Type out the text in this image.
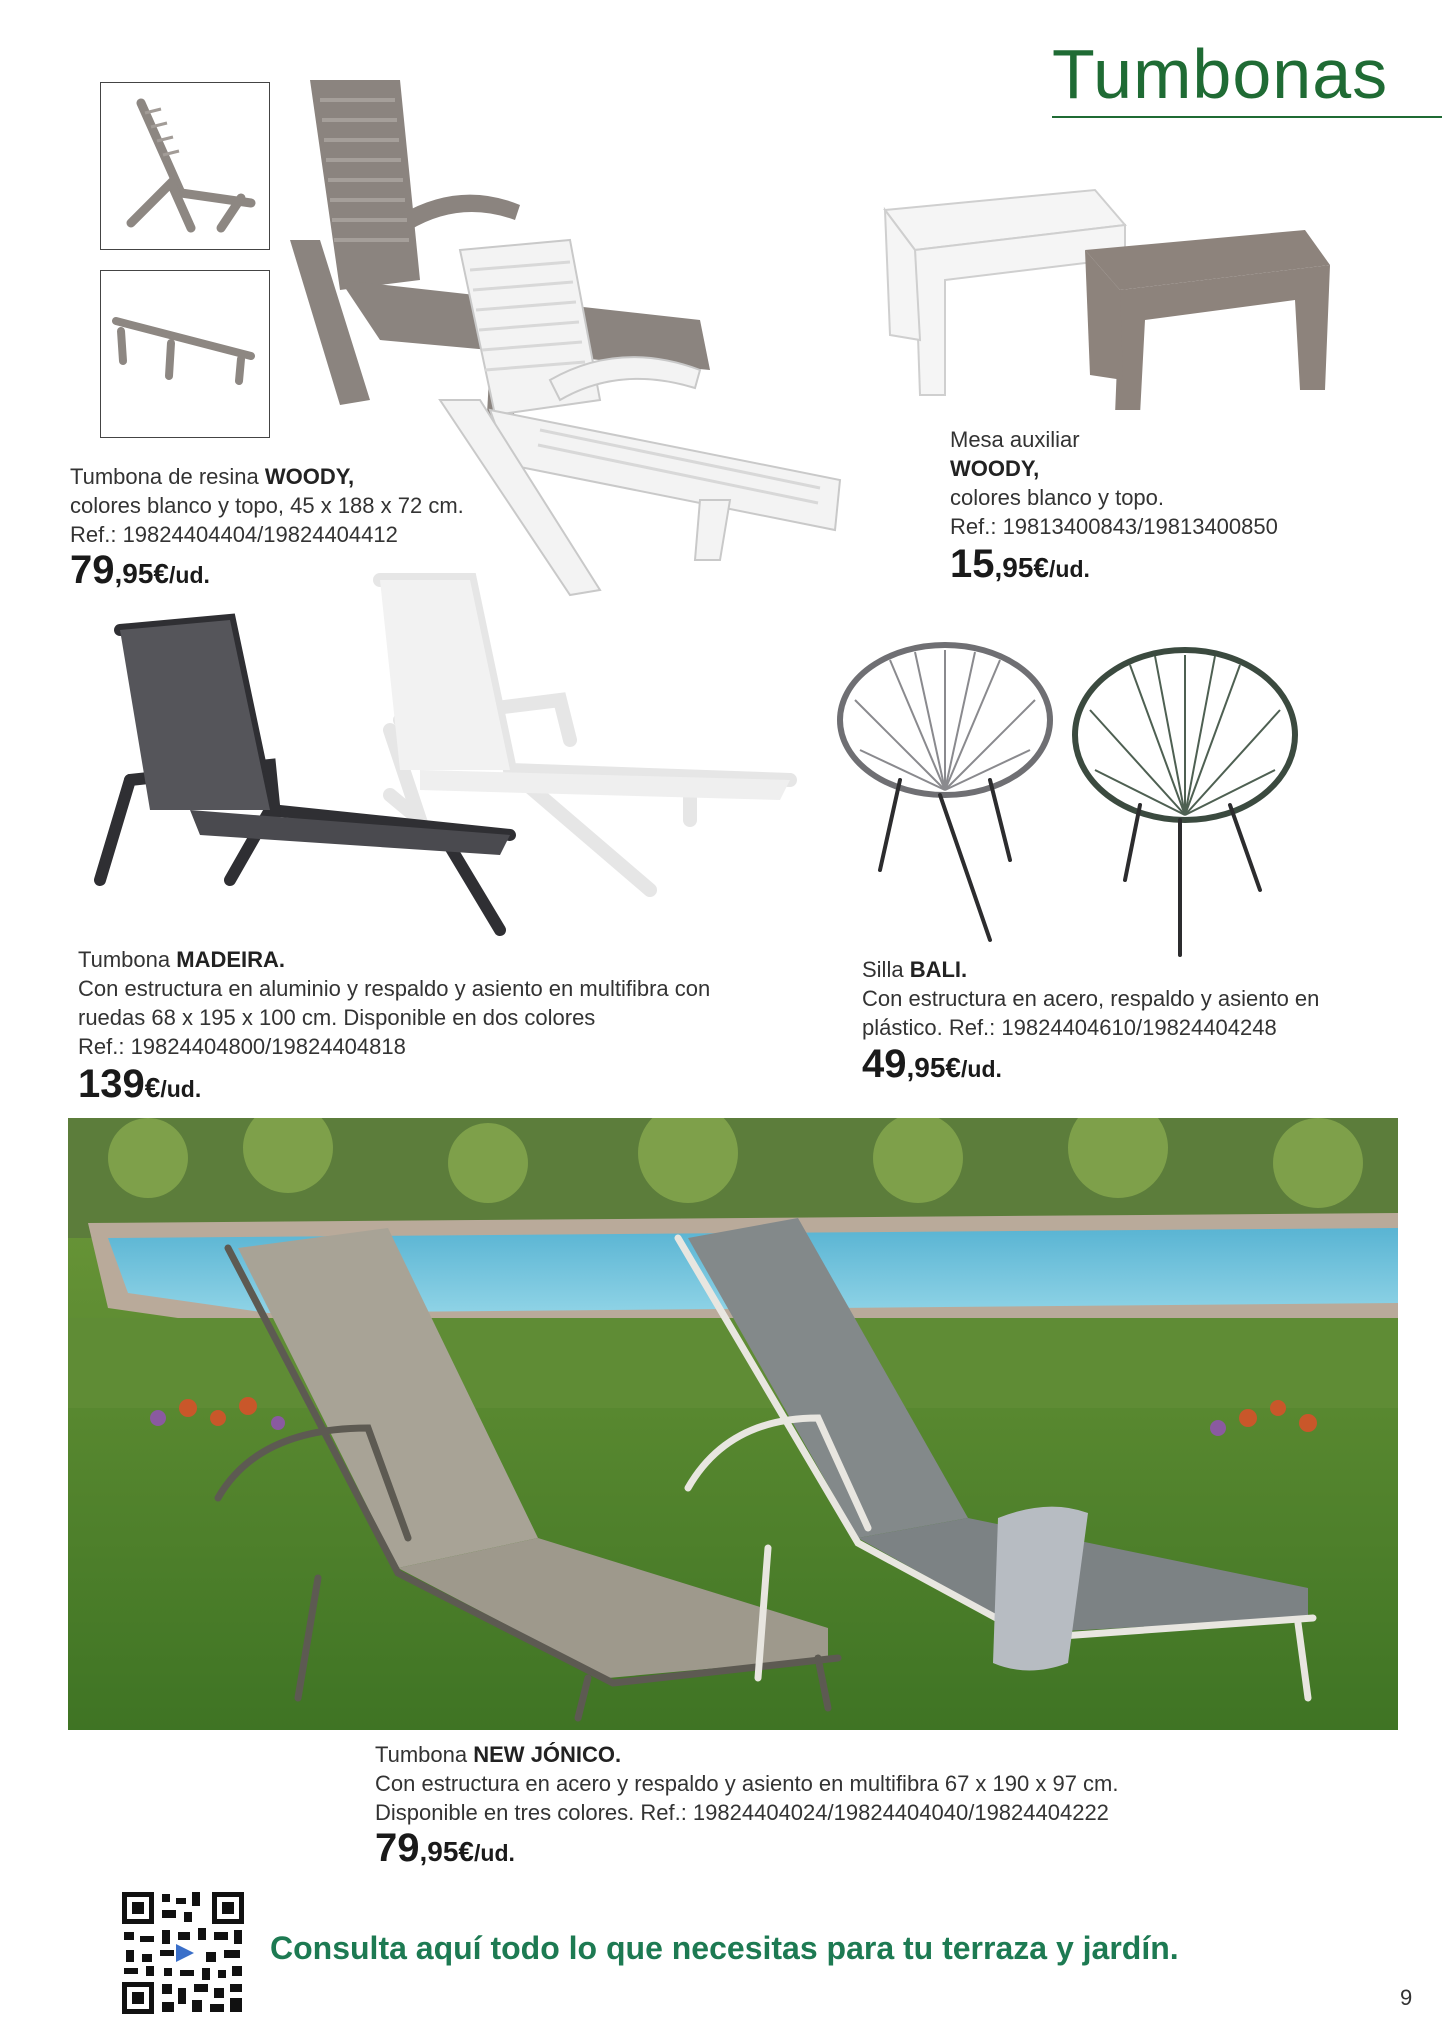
Tumbonas
Tumbona de resina WOODY,
colores blanco y topo, 45 x 188 x 72 cm.
Ref.: 19824404404/19824404412
79,95€/ud.
Mesa auxiliar
WOODY,
colores blanco y topo.
Ref.: 19813400843/19813400850
15,95€/ud.
Tumbona MADEIRA.
Con estructura en aluminio y respaldo y asiento en multifibra con
ruedas 68 x 195 x 100 cm. Disponible en dos colores
Ref.: 19824404800/19824404818
139€/ud.
Silla BALI.
Con estructura en acero, respaldo y asiento en
plástico. Ref.: 19824404610/19824404248
49,95€/ud.
Tumbona NEW JÓNICO.
Con estructura en acero y respaldo y asiento en multifibra 67 x 190 x 97 cm.
Disponible en tres colores. Ref.: 19824404024/19824404040/19824404222
79,95€/ud.
Consulta aquí todo lo que necesitas para tu terraza y jardín.
9
